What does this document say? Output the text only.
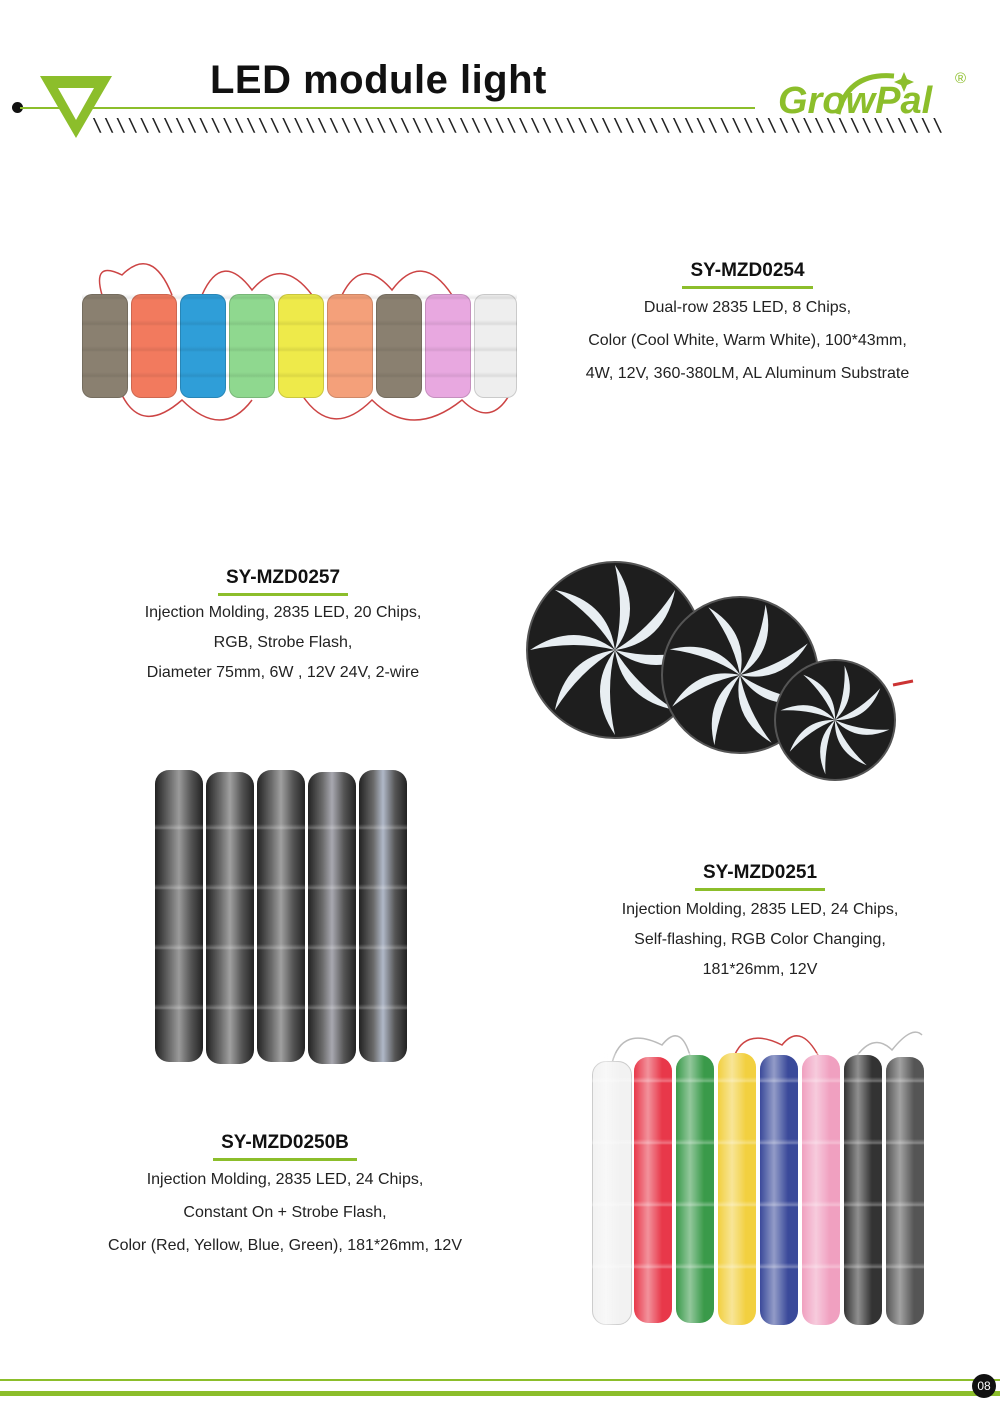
LED module light
\\\\\\\\\\\\\\\\\\\\\\\\\\\\\\\\\\\\\\\\\\\\\\\\\\\\\\\\\\\\\\\\\\\\\\\\
GrowPal
®
SY-MZD0254
Dual-row 2835 LED, 8 Chips,
Color (Cool White, Warm White), 100*43mm,
4W, 12V, 360-380LM, AL Aluminum Substrate
SY-MZD0257
Injection Molding, 2835 LED, 20 Chips,
RGB, Strobe Flash,
Diameter 75mm, 6W , 12V 24V, 2-wire
SY-MZD0251
Injection Molding, 2835 LED, 24 Chips,
Self-flashing, RGB Color Changing,
181*26mm, 12V
SY-MZD0250B
Injection Molding, 2835 LED, 24 Chips,
Constant On + Strobe Flash,
Color (Red, Yellow, Blue, Green), 181*26mm, 12V
08
